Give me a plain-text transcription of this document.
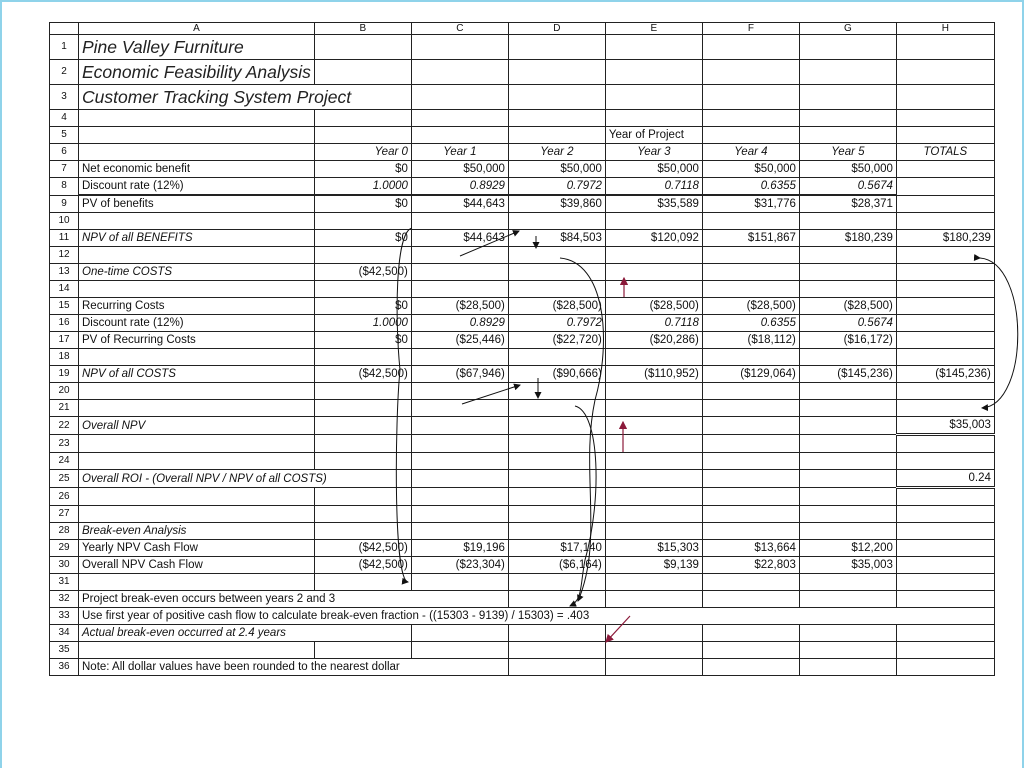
	A	B	C	D	E	F	G	H
1	Pine Valley Furniture							
2	Economic Feasibility Analysis							
3	Customer Tracking System Project							
4								
5					Year of Project			
6		Year 0	Year 1	Year 2	Year 3	Year 4	Year 5	TOTALS
7	Net economic benefit	$0	$50,000	$50,000	$50,000	$50,000	$50,000	
8	Discount rate (12%)	1.0000	0.8929	0.7972	0.7118	0.6355	0.5674	
9	PV of benefits	$0	$44,643	$39,860	$35,589	$31,776	$28,371	
10								
11	NPV of all BENEFITS	$0	$44,643	$84,503	$120,092	$151,867	$180,239	$180,239
12								
13	One-time COSTS	($42,500)						
14								
15	Recurring Costs	$0	($28,500)	($28,500)	($28,500)	($28,500)	($28,500)	
16	Discount rate (12%)	1.0000	0.8929	0.7972	0.7118	0.6355	0.5674	
17	PV of Recurring Costs	$0	($25,446)	($22,720)	($20,286)	($18,112)	($16,172)	
18								
19	NPV of all COSTS	($42,500)	($67,946)	($90,666)	($110,952)	($129,064)	($145,236)	($145,236)
20								
21								
22	Overall NPV							$35,003
23								
24								
25	Overall ROI - (Overall NPV / NPV of all COSTS)							0.24
26								
27								
28	Break-even Analysis							
29	Yearly NPV Cash Flow	($42,500)	$19,196	$17,140	$15,303	$13,664	$12,200	
30	Overall NPV Cash Flow	($42,500)	($23,304)	($6,164)	$9,139	$22,803	$35,003	
31								
32	Project break-even occurs between years 2 and 3							
33	Use first year of positive cash flow to calculate break-even fraction - ((15303 - 9139) / 15303) = .403							
34	Actual break-even occurred at 2.4 years							
35								
36	Note: All dollar values have been rounded to the nearest dollar							
